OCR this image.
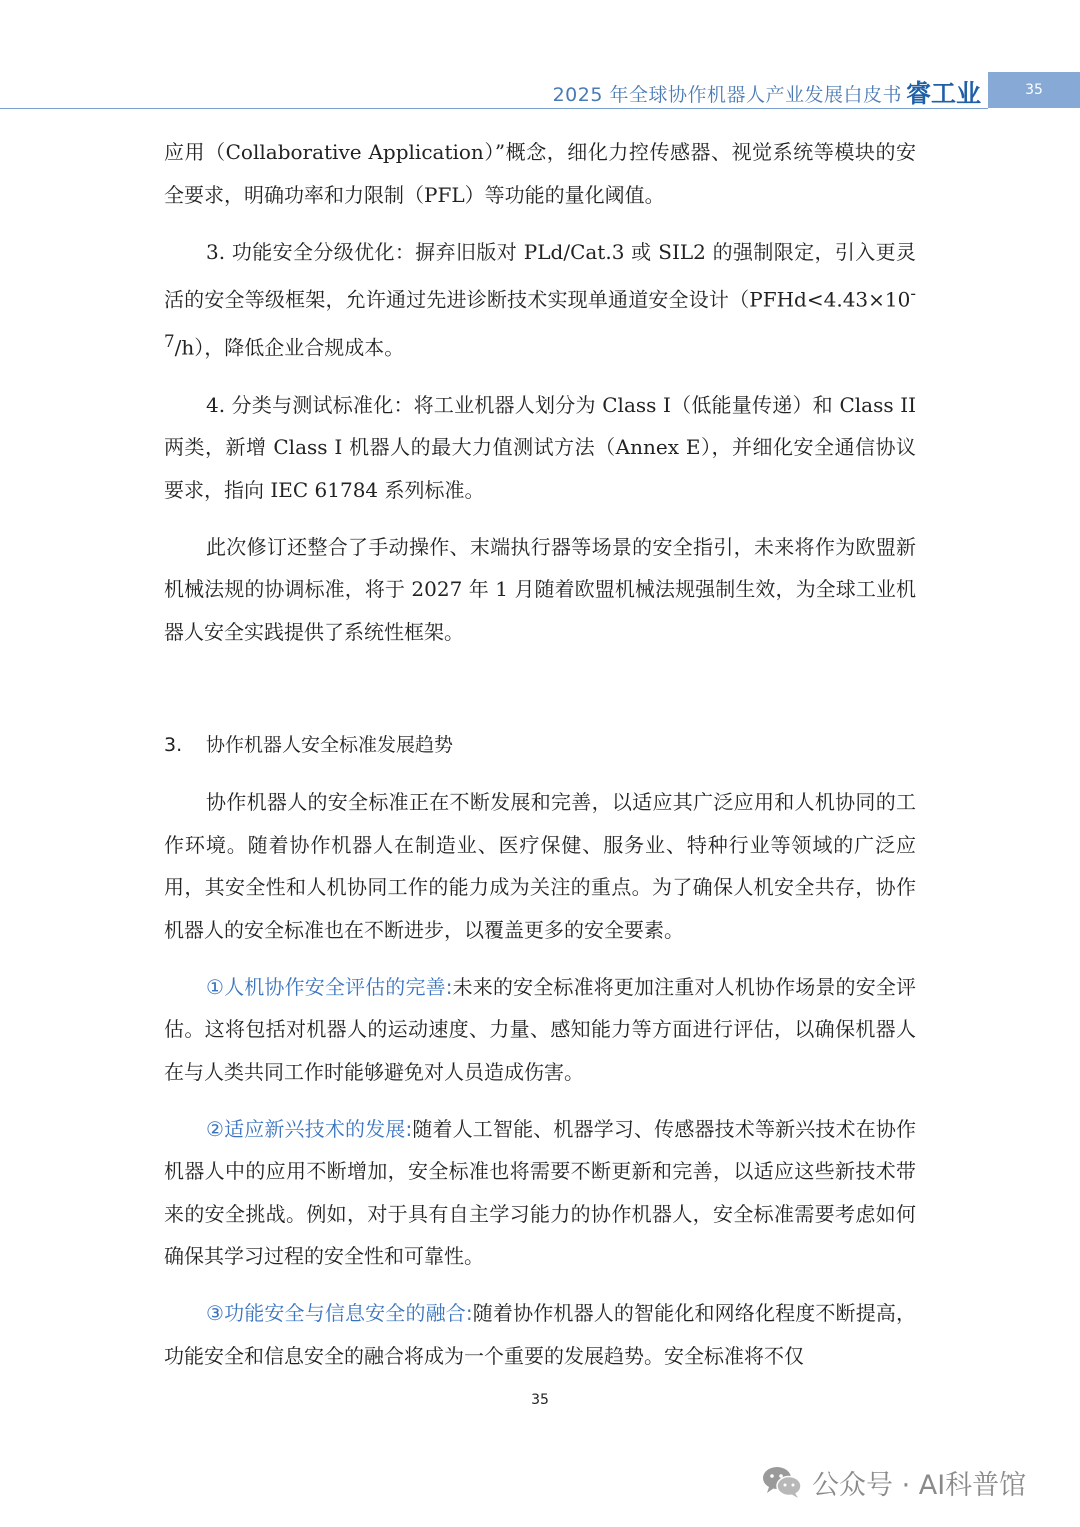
2025 年全球协作机器人产业发展白皮书 睿工业	35

应用（Collaborative Application）”概念，细化力控传感器、视觉系统等模块的安全要求，明确功率和力限制（PFL）等功能的量化阈值。

3. 功能安全分级优化：摒弃旧版对 PLd/Cat.3 或 SIL2 的强制限定，引入更灵活的安全等级框架，允许通过先进诊断技术实现单通道安全设计$(PFHd<4.43\times 10^{-7}/h)$，降低企业合规成本。

4. 分类与测试标准化：将工业机器人划分为 Class I（低能量传递）和 Class II 两类，新增 Class I 机器人的最大力值测试方法（Annex E），并细化安全通信协议要求，指向 IEC 61784 系列标准。

此次修订还整合了手动操作、末端执行器等场景的安全指引，未来将作为欧盟新机械法规的协调标准，将于 2027 年 1 月随着欧盟机械法规强制生效，为全球工业机器人安全实践提供了系统性框架。

3. 协作机器人安全标准发展趋势

协作机器人的安全标准正在不断发展和完善，以适应其广泛应用和人机协同的工作环境。随着协作机器人在制造业、医疗保健、服务业、特种行业等领域的广泛应用，其安全性和人机协同工作的能力成为关注的重点。为了确保人机安全共存，协作机器人的安全标准也在不断进步，以覆盖更多的安全要素。

①人机协作安全评估的完善:未来的安全标准将更加注重对人机协作场景的安全评估。这将包括对机器人的运动速度、力量、感知能力等方面进行评估，以确保机器人在与人类共同工作时能够避免对人员造成伤害。

②适应新兴技术的发展:随着人工智能、机器学习、传感器技术等新兴技术在协作机器人中的应用不断增加，安全标准也将需要不断更新和完善，以适应这些新技术带来的安全挑战。例如，对于具有自主学习能力的协作机器人，安全标准需要考虑如何确保其学习过程的安全性和可靠性。

③功能安全与信息安全的融合:随着协作机器人的智能化和网络化程度不断提高，功能安全和信息安全的融合将成为一个重要的发展趋势。安全标准将不仅

35
公众号 · AI科普馆
